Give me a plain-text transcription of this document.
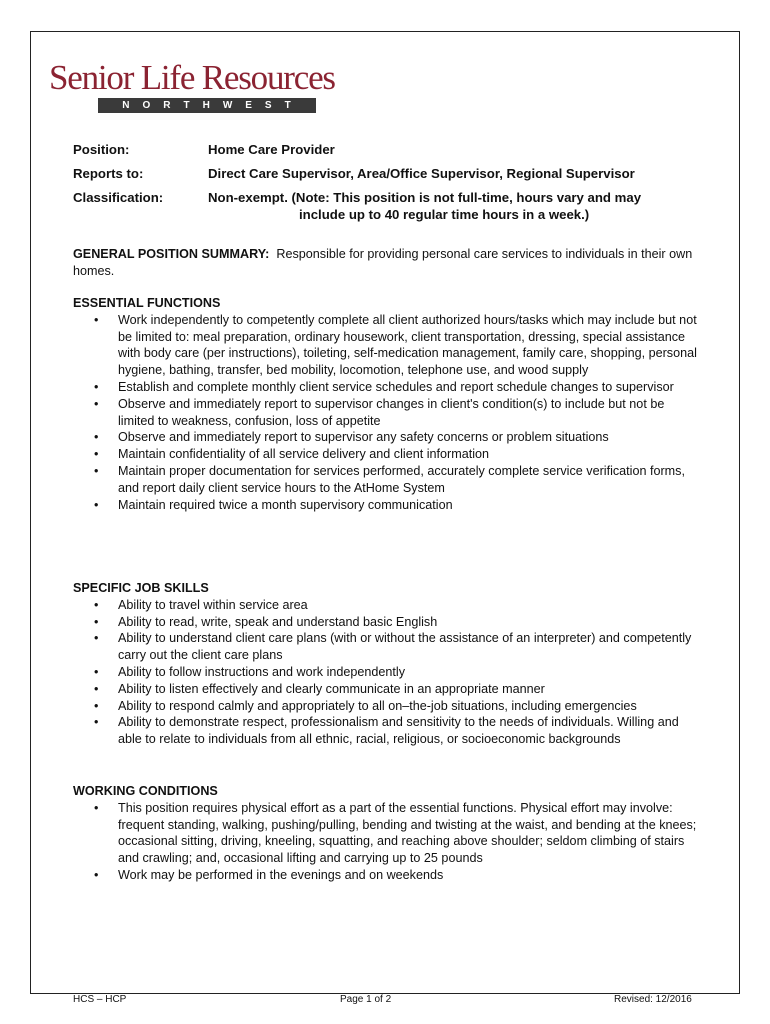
Senior Life Resources
NORTHWEST
Position:	Home Care Provider
Reports to:	Direct Care Supervisor, Area/Office Supervisor, Regional Supervisor
Classification:	Non-exempt. (Note: This position is not full-time, hours vary and may
include up to 40 regular time hours in a week.)
GENERAL POSITION SUMMARY: Responsible for providing personal care services to individuals in their own homes.
ESSENTIAL FUNCTIONS
• Work independently to competently complete all client authorized hours/tasks which may include but not be limited to: meal preparation, ordinary housework, client transportation, dressing, special assistance with body care (per instructions), toileting, self-medication management, family care, shopping, personal hygiene, bathing, transfer, bed mobility, locomotion, telephone use, and wood supply
• Establish and complete monthly client service schedules and report schedule changes to supervisor
• Observe and immediately report to supervisor changes in client's condition(s) to include but not be limited to weakness, confusion, loss of appetite
• Observe and immediately report to supervisor any safety concerns or problem situations
• Maintain confidentiality of all service delivery and client information
• Maintain proper documentation for services performed, accurately complete service verification forms, and report daily client service hours to the AtHome System
• Maintain required twice a month supervisory communication
SPECIFIC JOB SKILLS
• Ability to travel within service area
• Ability to read, write, speak and understand basic English
• Ability to understand client care plans (with or without the assistance of an interpreter) and competently carry out the client care plans
• Ability to follow instructions and work independently
• Ability to listen effectively and clearly communicate in an appropriate manner
• Ability to respond calmly and appropriately to all on–the-job situations, including emergencies
• Ability to demonstrate respect, professionalism and sensitivity to the needs of individuals. Willing and able to relate to individuals from all ethnic, racial, religious, or socioeconomic backgrounds
WORKING CONDITIONS
• This position requires physical effort as a part of the essential functions. Physical effort may involve: frequent standing, walking, pushing/pulling, bending and twisting at the waist, and bending at the knees; occasional sitting, driving, kneeling, squatting, and reaching above shoulder; seldom climbing of stairs and crawling; and, occasional lifting and carrying up to 25 pounds
• Work may be performed in the evenings and on weekends
HCS – HCP	Page 1 of 2	Revised: 12/2016
